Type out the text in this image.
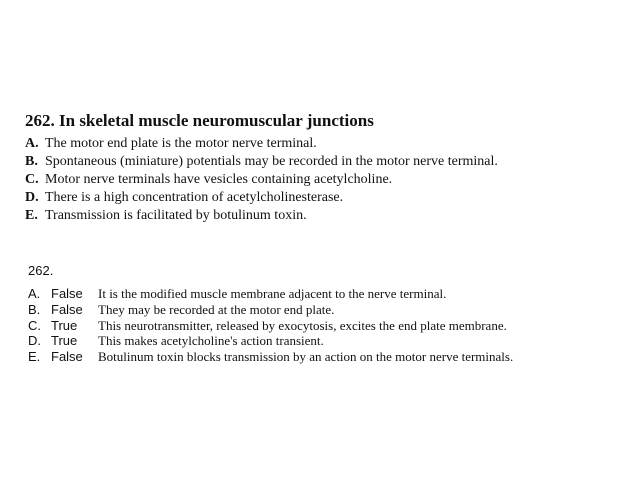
262. In skeletal muscle neuromuscular junctions
A. The motor end plate is the motor nerve terminal.
B. Spontaneous (miniature) potentials may be recorded in the motor nerve terminal.
C. Motor nerve terminals have vesicles containing acetylcholine.
D. There is a high concentration of acetylcholinesterase.
E. Transmission is facilitated by botulinum toxin.
262.
A. False	It is the modified muscle membrane adjacent to the nerve terminal.
B. False	They may be recorded at the motor end plate.
C. True	This neurotransmitter, released by exocytosis, excites the end plate membrane.
D. True	This makes acetylcholine's action transient.
E. False	Botulinum toxin blocks transmission by an action on the motor nerve terminals.
